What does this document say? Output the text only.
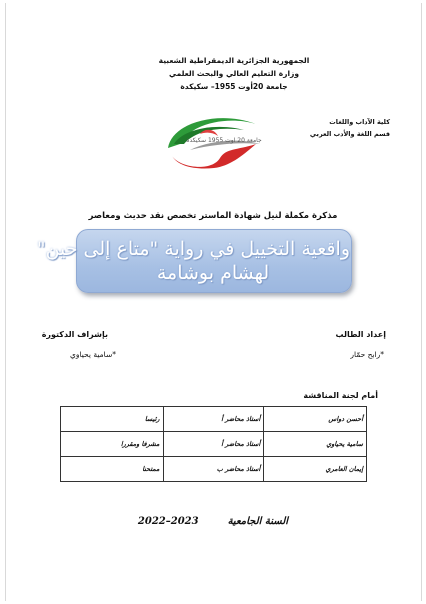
الجمهورية الجزائرية الديمقراطية الشعبية
وزارة التعليم العالي والبحث العلمي
جامعة 20أوت 1955– سكيكدة
كلية الآداب واللغات
قسم اللغة والأدب العربي
جامعة 20 اوت 1955 سكيكدة
مذكرة مكملة لنيل شهادة الماستر تخصص نقد حديث ومعاصر
واقعية التخييل في رواية "متاع إلى حين"
لهشام بوشامة
إعداد الطالب
*رابح حمّار
بإشراف الدكتورة
*سامية يحياوي
أمام لجنة المناقشة
أحسن دواس	أستاذ محاضر أ	رئيسا
سامية يحياوي	أستاذ محاضر أ	مشرفا ومقررا
إيمان العامري	أستاذ محاضر ب	ممتحنا
السنة الجامعية  2022–2023
